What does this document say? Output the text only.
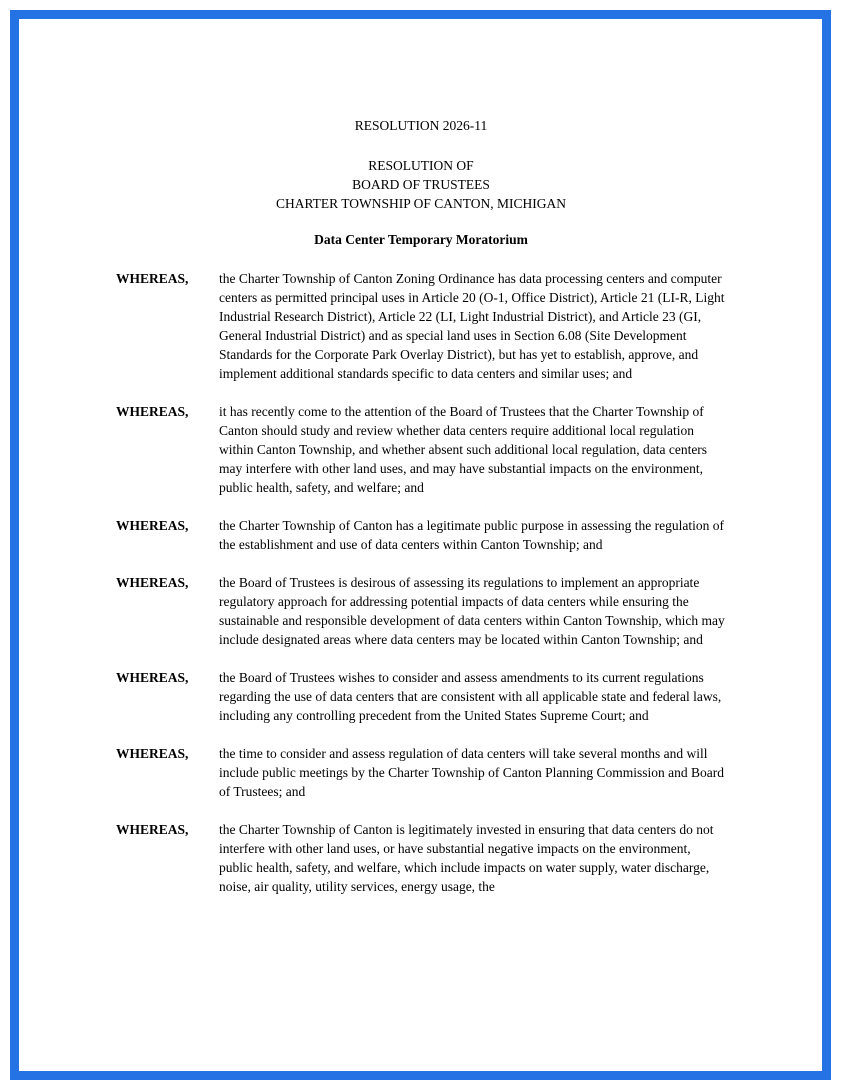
RESOLUTION 2026-11
RESOLUTION OF
BOARD OF TRUSTEES
CHARTER TOWNSHIP OF CANTON, MICHIGAN
Data Center Temporary Moratorium
WHEREAS,	the Charter Township of Canton Zoning Ordinance has data processing centers and computer centers as permitted principal uses in Article 20 (O-1, Office District), Article 21 (LI-R, Light Industrial Research District), Article 22 (LI, Light Industrial District), and Article 23 (GI, General Industrial District) and as special land uses in Section 6.08 (Site Development Standards for the Corporate Park Overlay District), but has yet to establish, approve, and implement additional standards specific to data centers and similar uses; and
WHEREAS,	it has recently come to the attention of the Board of Trustees that the Charter Township of Canton should study and review whether data centers require additional local regulation within Canton Township, and whether absent such additional local regulation, data centers may interfere with other land uses, and may have substantial impacts on the environment, public health, safety, and welfare; and
WHEREAS,	the Charter Township of Canton has a legitimate public purpose in assessing the regulation of the establishment and use of data centers within Canton Township; and
WHEREAS,	the Board of Trustees is desirous of assessing its regulations to implement an appropriate regulatory approach for addressing potential impacts of data centers while ensuring the sustainable and responsible development of data centers within Canton Township, which may include designated areas where data centers may be located within Canton Township; and
WHEREAS,	the Board of Trustees wishes to consider and assess amendments to its current regulations regarding the use of data centers that are consistent with all applicable state and federal laws, including any controlling precedent from the United States Supreme Court; and
WHEREAS,	the time to consider and assess regulation of data centers will take several months and will include public meetings by the Charter Township of Canton Planning Commission and Board of Trustees; and
WHEREAS,	the Charter Township of Canton is legitimately invested in ensuring that data centers do not interfere with other land uses, or have substantial negative impacts on the environment, public health, safety, and welfare, which include impacts on water supply, water discharge, noise, air quality, utility services, energy usage, the
